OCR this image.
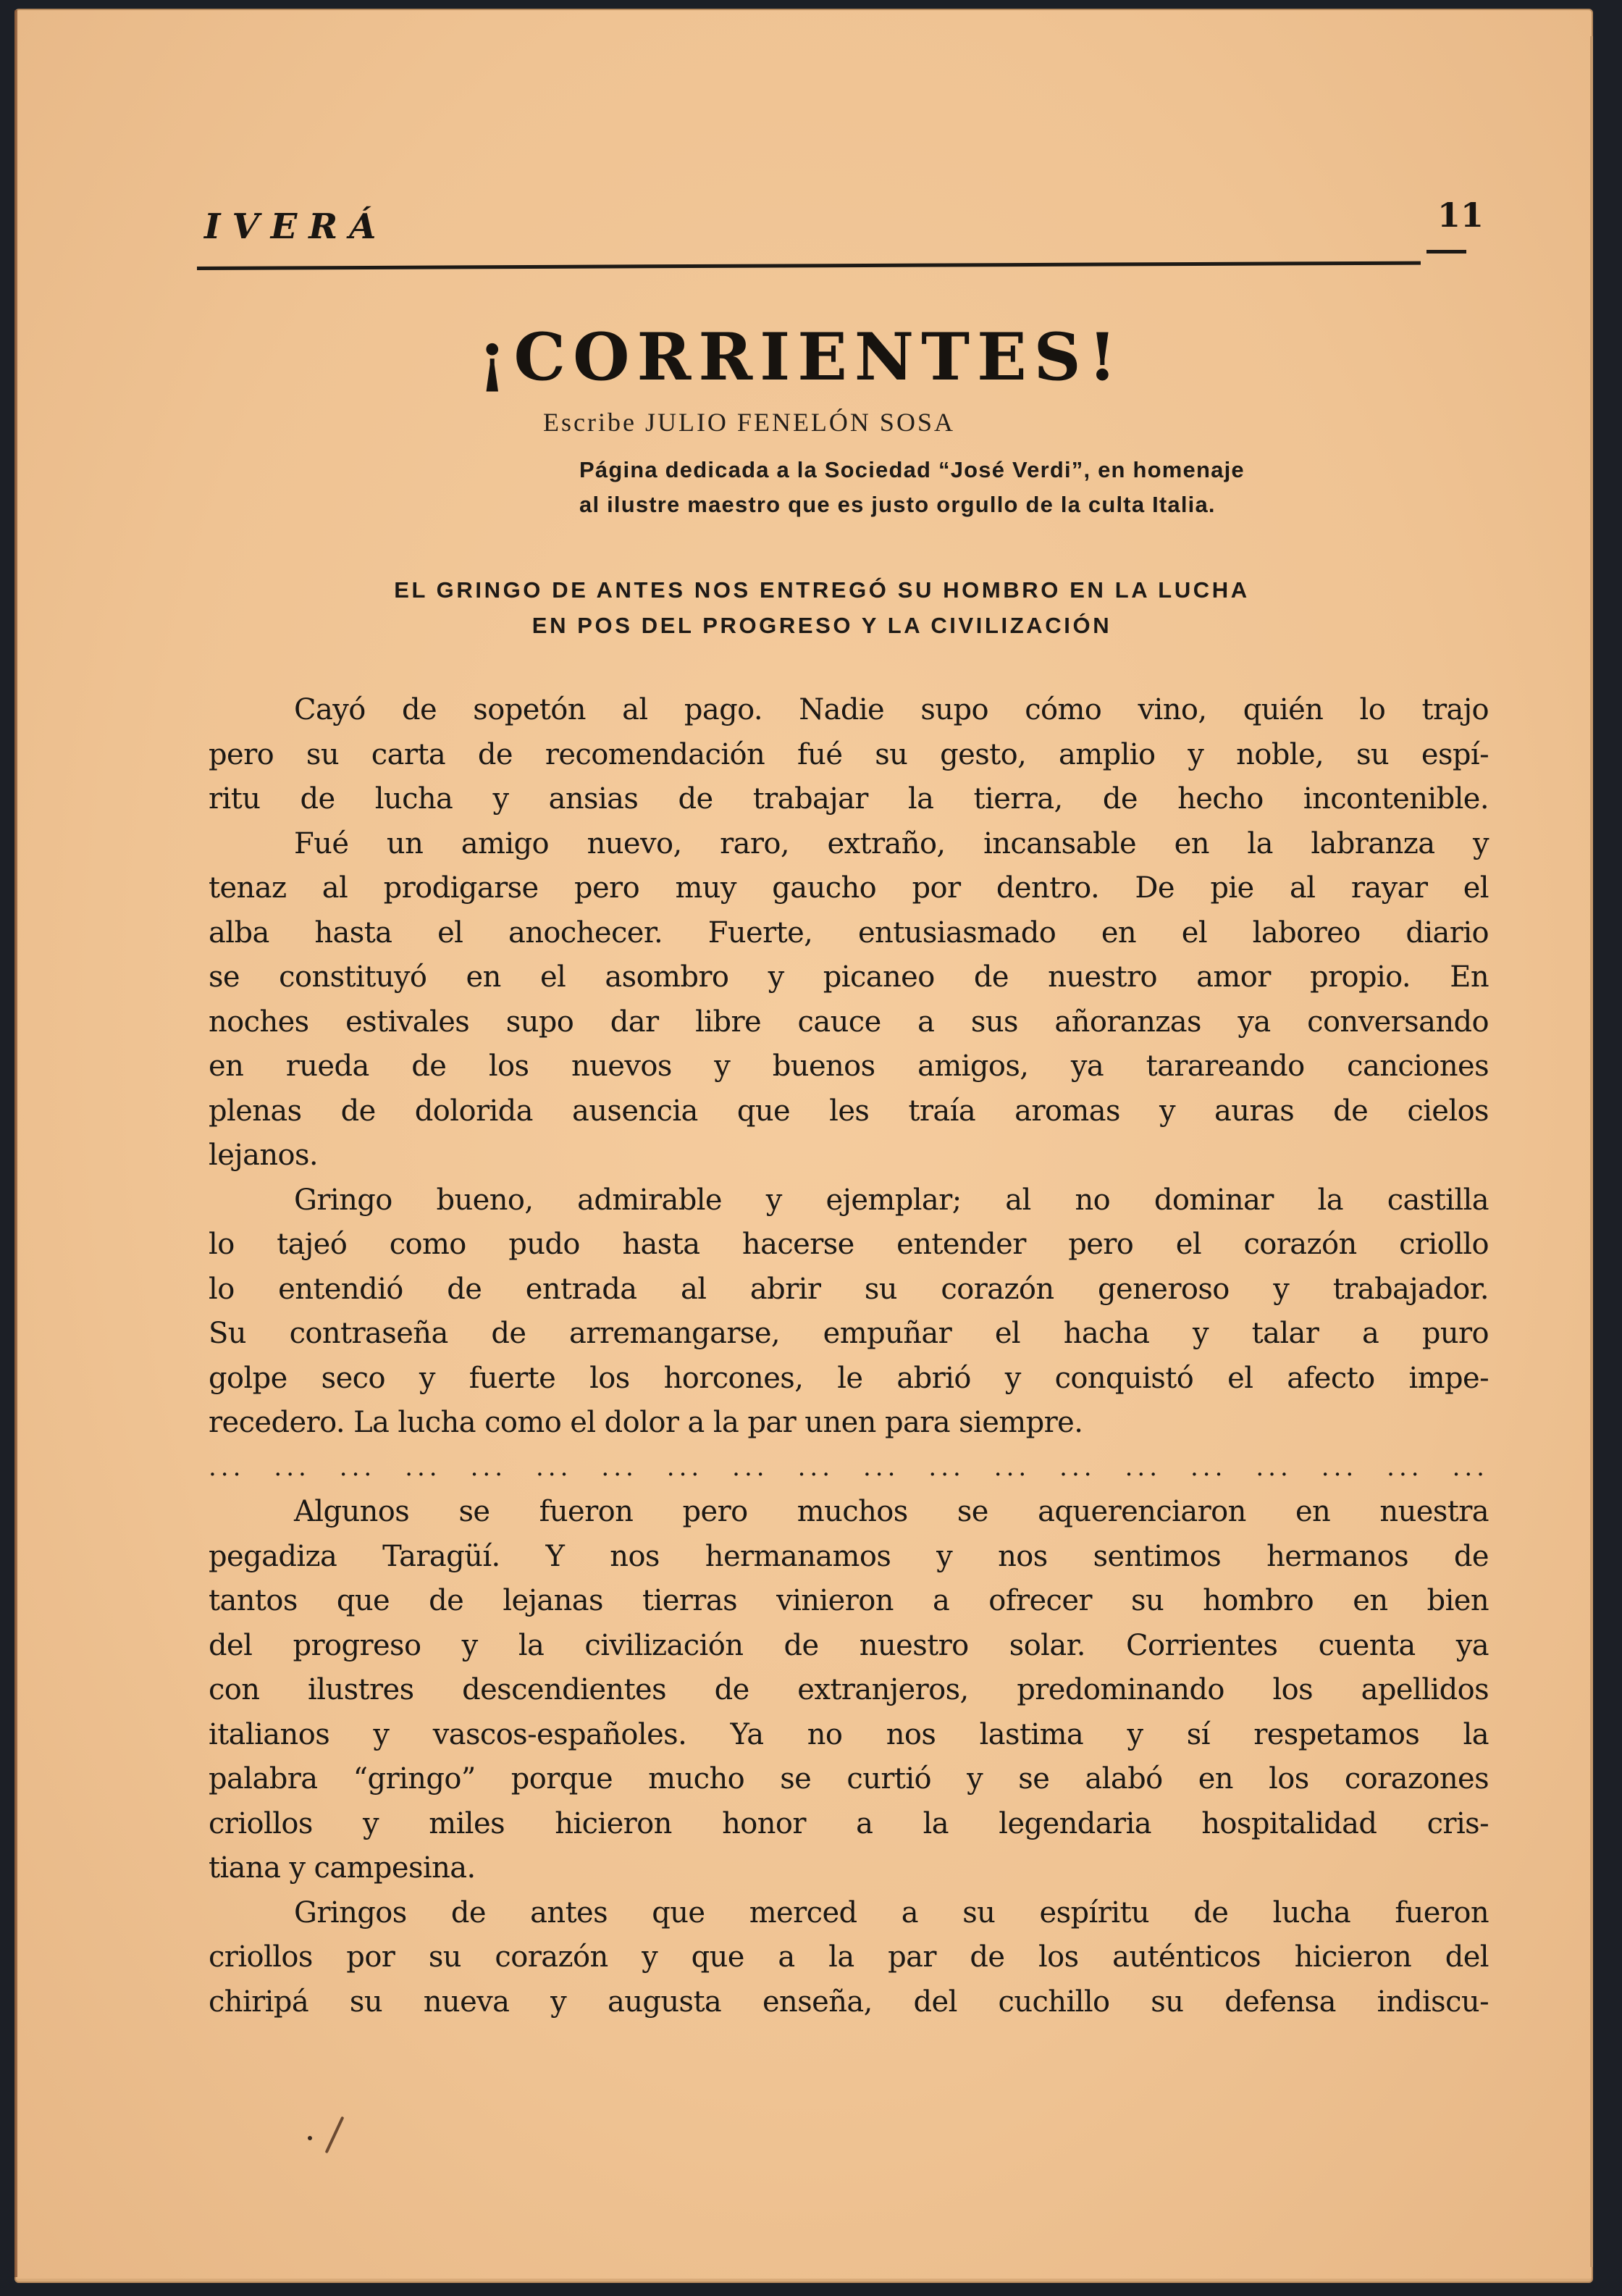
IVERÁ	11
¡CORRIENTES!
Escribe JULIO FENELÓN SOSA
Página dedicada a la Sociedad “José Verdi”, en homenaje
al ilustre maestro que es justo orgullo de la culta Italia.
EL GRINGO DE ANTES NOS ENTREGÓ SU HOMBRO EN LA LUCHA
EN POS DEL PROGRESO Y LA CIVILIZACIÓN
Cayó de sopetón al pago. Nadie supo cómo vino, quién lo trajo
pero su carta de recomendación fué su gesto, amplio y noble, su espí-
ritu de lucha y ansias de trabajar la tierra, de hecho incontenible.
Fué un amigo nuevo, raro, extraño, incansable en la labranza y
tenaz al prodigarse pero muy gaucho por dentro. De pie al rayar el
alba hasta el anochecer. Fuerte, entusiasmado en el laboreo diario
se constituyó en el asombro y picaneo de nuestro amor propio. En
noches estivales supo dar libre cauce a sus añoranzas ya conversando
en rueda de los nuevos y buenos amigos, ya tarareando canciones
plenas de dolorida ausencia que les traía aromas y auras de cielos
lejanos.
Gringo bueno, admirable y ejemplar; al no dominar la castilla
lo tajeó como pudo hasta hacerse entender pero el corazón criollo
lo entendió de entrada al abrir su corazón generoso y trabajador.
Su contraseña de arremangarse, empuñar el hacha y talar a puro
golpe seco y fuerte los horcones, le abrió y conquistó el afecto impe-
recedero. La lucha como el dolor a la par unen para siempre.
... ... ... ... ... ... ... ... ... ... ... ... ... ... ... ... ... ... ... ...
Algunos se fueron pero muchos se aquerenciaron en nuestra
pegadiza Taragüí. Y nos hermanamos y nos sentimos hermanos de
tantos que de lejanas tierras vinieron a ofrecer su hombro en bien
del progreso y la civilización de nuestro solar. Corrientes cuenta ya
con ilustres descendientes de extranjeros, predominando los apellidos
italianos y vascos-españoles. Ya no nos lastima y sí respetamos la
palabra “gringo” porque mucho se curtió y se alabó en los corazones
criollos y miles hicieron honor a la legendaria hospitalidad cris-
tiana y campesina.
Gringos de antes que merced a su espíritu de lucha fueron
criollos por su corazón y que a la par de los auténticos hicieron del
chiripá su nueva y augusta enseña, del cuchillo su defensa indiscu-
